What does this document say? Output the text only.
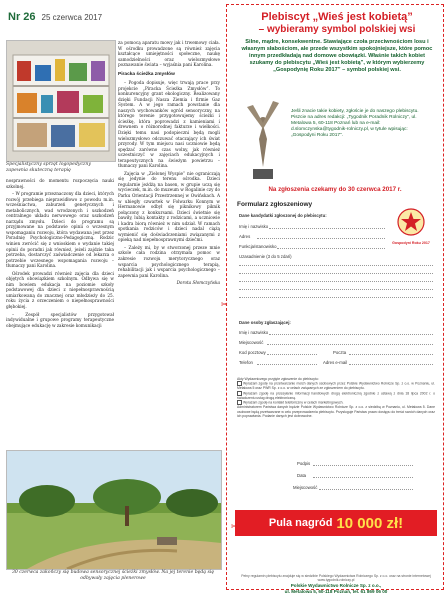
Nr 26 25 czerwca 2017
Specjalistyczny sprzęt logopedyczny zapewnia skuteczną terapię

nosprawności do momentu rozpoczęcia nauki szkolnej.

– W programie przeznaczony dla dzieci, których rozwój przebiega nieprawidłowo z powodu m.in. wcześniactwa, zaburzeń genetycznych i metabolicznych, wad wrodzonych i uszkodzeń centralnego układu nerwowego oraz uszkodzeń narządu zmysłu. Dzieci do programu są przyjmowane na podstawie opinii o wczesnym wspomaganiu rozwoju, która wydawana jest przez Poradnię Psychologiczno-Pedagogiczną. Rodzic winien zwrócić się z wnioskiem o wydanie takiej opinii do poradni jak również, jeżeli zajdzie taka potrzeba, dostarczyć zaświadczenie od lekarza o potrzebie wczesnego wspomagania rozwoju – tłumaczy pani Karolina.

Ośrodek prowadzi również zajęcia dla dzieci objętych obowiązkiem szkolnym. Odbywa się w nim bowiem edukacja na poziomie szkoły podstawowej dla dzieci z niepełnosprawnością umiarkowaną do znacznej oraz młodzieży do 25. roku życia z orzeczeniem o niepełnosprawności głębokiej.

– Zespół specjalistów przygotował indywidualne i grupowe programy terapeutyczne obejmujące edukację w zakresie komunikacji

za pomocą aparatu mowy jak i trwemowy ciała. W ośrodku prowadzone są również zajęcia kształcące umiejętności społeczne, naukę samodzielności oraz wielozmysłowe poznawanie świata – wyjaśnia pani Karolina.

Piracka ścieżka zmysłów

– Pogoda dopisuje, więc trwają prace przy projekcie „Piracka Ścieżka Zmysłów”. To konkurencyjny grant ekologiczny. Realizowany dzięki Fundacji Nasza Ziemia i firmie Gaz System. A w jego ramach powstanie dla naszych wychowanków ogród sensoryczny, na którego terenie przygotowujemy ścieżki i ścieżkę, która poprowadzi z kamieniami i drewnem o różnorodnej fakturze i wielkości. Dzięki temu nasi podopieczni będą mogli wielozmysłowo odczuwać otaczający ich świat przyrody. W tym miejscu nasi uczniowie będą spędzać zarówno czas wolny, jak również uczestniczyć w zajęciach edukacyjnych i terapeutycznych na świeżym powietrzu – tłumaczy pani Karolina.

Zajęcia w „Zielonej Wyspie” nie ograniczają się jedynie do terenu ośrodka. Dzieci regularnie jeżdżą na basen, w grupie uczą się wycieczek, m.in. do muzeum w Rogalinie czy do Parku Orientacji Przestrzennej w Owińskach. A w ubiegły czwartek w Folwarku Konnym w Hermanowie odbył się piknikowy piknik połączony z konkursami. Dzieci świetnie się bawiły, lubią kontakty z rodzicami, a uczniowie i kadra biorą również w nim udział. W ramach spotkania rodziców i dzieci nadal ciążą wymienić się doświadczeniami związanymi z opieką nad niepełnosprawnymi dziećmi.

– Zależy mi, by w stworzonej przeze mnie szkole cała rodzina otrzymała pomoc w zakresie rozwoju merytorycznego oraz wsparcia psychologicznego terapią, rehabilitacji jak i wsparcia psychologicznego – zapewnia pani Karolina.

Dorota Słomczyńska

30 czerwca zakończy się budowa sensorycznej ścieżki zmysłów. Na jej terenie będą się odbywały zajęcia plenerowe
Plebiscyt „Wieś jest kobietą”
– wybieramy symbol polskiej wsi
Silne, mądre, konsekwentne. Stawiające czoła przeciwnościom losu i własnym słabościom, ale przede wszystkim spokojniejsze, które pomoc innym przedkładają nad domowe obowiązki. Właśnie takich kobiet szukamy do plebiscytu „Wieś jest kobietą”, w którym wybierzemy „Gospodynię Roku 2017” – symbol polskiej wsi.
Jeśli znacie takie kobiety, zgłoście je do naszego plebiscytu. Piszcie na adres redakcji: „Tygodnik Poradnik Rolniczy”, ul. Metalowa 5, 60-118 Poznań lub na e-mail: d.slomczynska@tygodnik-rolniczy.pl, w tytule wpisując: „Gospodyni Roku 2017”.
Na zgłoszenia czekamy do 30 czerwca 2017 r.
Formularz zgłoszeniowy
Dane kandydatki zgłoszonej do plebiscytu:
Gospodyni Roku 2017
Imię i nazwisko
Adres
Funkcja/stanowisko
Uzasadnienie (3 do 5 zdań)
Dane osoby zgłaszającej:
Imię i nazwisko
Miejscowość
Kod pocztowy	Poczta
Telefon	Adres e-mail
Akty Wydawniczego przyjęte zgłoszenie do plebiscytu:
Wyrażam zgodę na przetwarzanie moich danych osobowych przez Polskie Wydawnictwo Rolnicze Sp. z o.o. w Poznaniu, ul. Metalowa 5 oraz PWR Sp. z o.o. w celach związanych ze zgłoszeniem do plebiscytu.
Wyrażam zgodę na przesyłanie informacji handlowych drogą elektroniczną zgodnie z ustawą z dnia 18 lipca 2002 r. o świadczeniu usług drogą elektroniczną.
Wyrażam zgodę na kontakt telefoniczny w celach marketingowych.
Administratorem Państwa danych będzie Polskie Wydawnictwo Rolnicze Sp. z o.o. z siedzibą w Poznaniu, ul. Metalowa 5. Dane osobowe będą przetwarzane w celu przeprowadzenia plebiscytu. Przysługuje Państwu prawo dostępu do treści swoich danych oraz ich poprawiania. Podanie danych jest dobrowolne.
Podpis
Data
Miejscowość
Pula nagród 10 000 zł!
✂
✂
Pełny regulamin plebiscytu znajduje się w siedzibie Polskiego Wydawnictwa Rolniczego Sp. z o.o. oraz na stronie internetowej www.tygodnik-rolniczy.pl
Polskie Wydawnictwo Rolnicze Sp. z o.o.,
ul. Metalowa 5, 60-118 Poznań, tel. 61 869 06 00
